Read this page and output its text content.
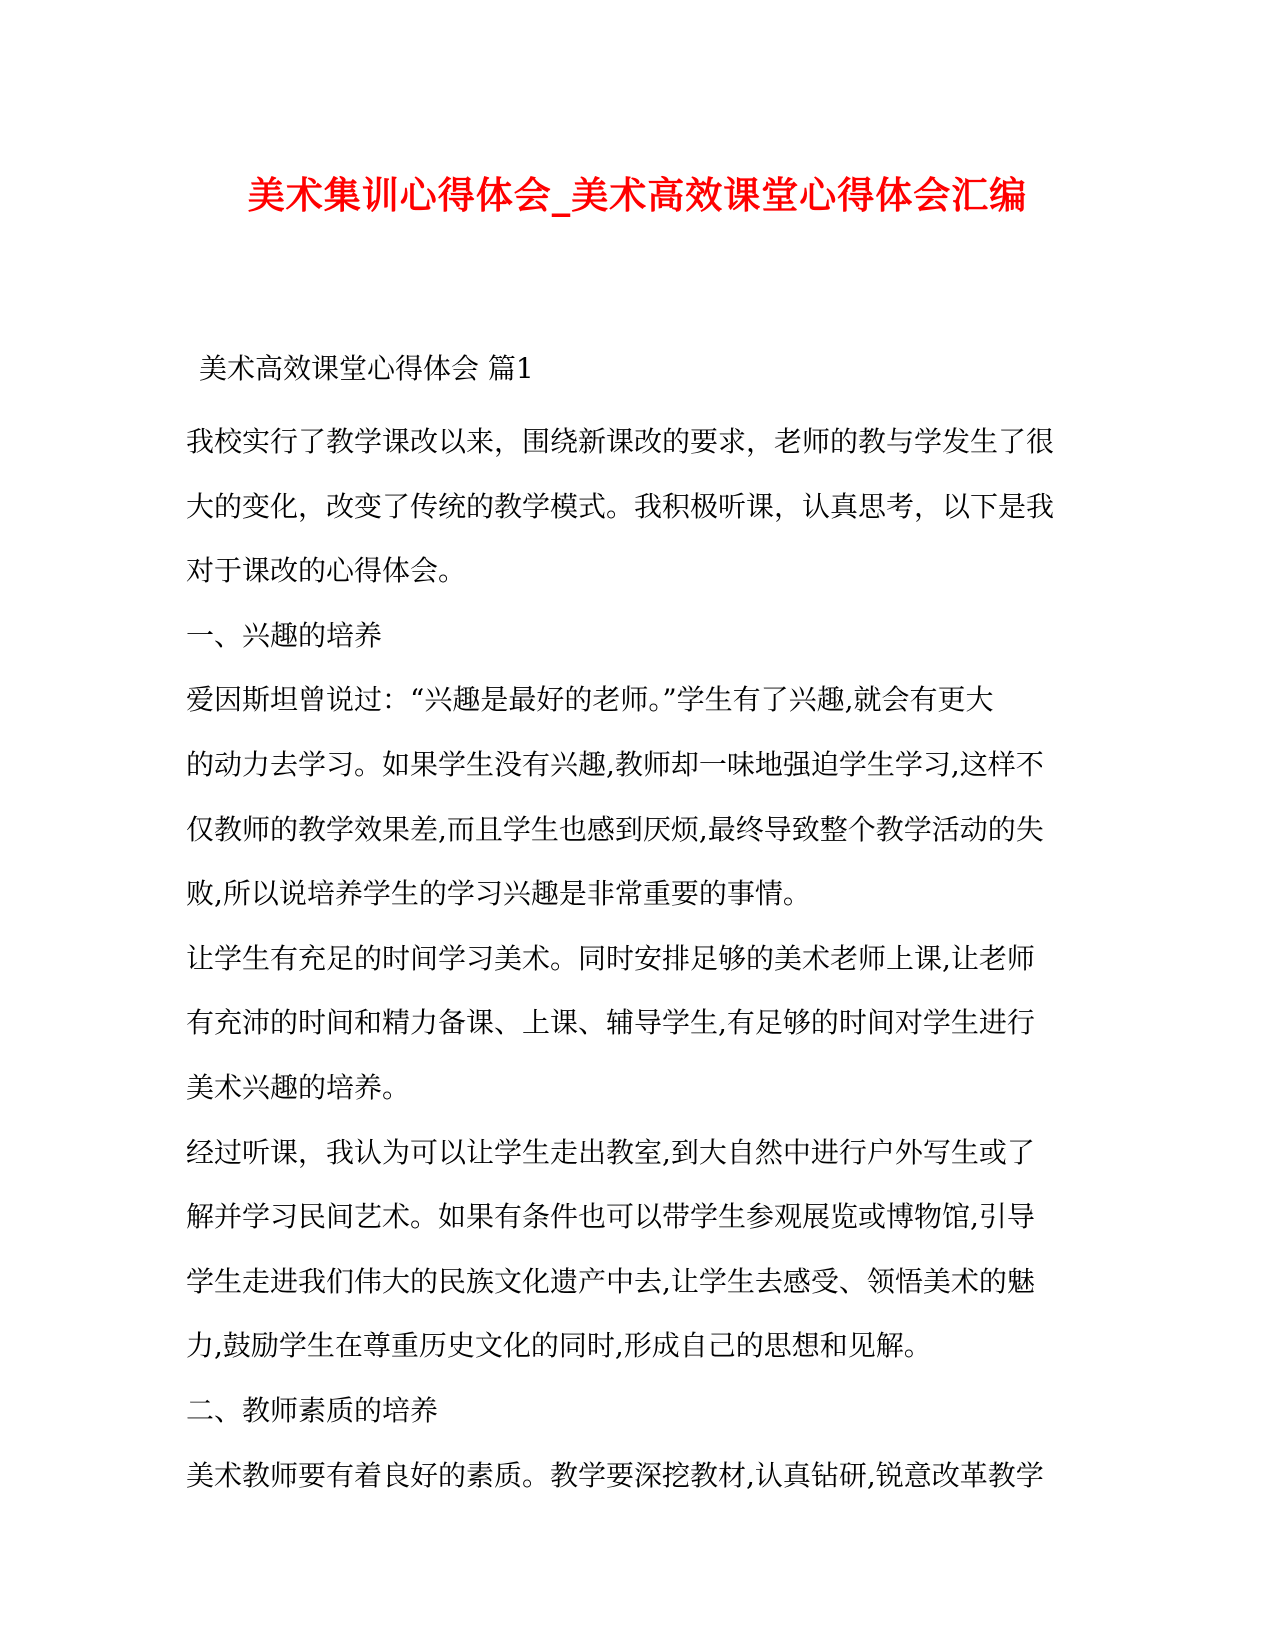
美术集训心得体会_美术高效课堂心得体会汇编
美术高效课堂心得体会 篇1
我校实行了教学课改以来，围绕新课改的要求，老师的教与学发生了很
大的变化，改变了传统的教学模式。我积极听课，认真思考，以下是我
对于课改的心得体会。
一、兴趣的培养
爱因斯坦曾说过：“兴趣是最好的老师。”学生有了兴趣,就会有更大
的动力去学习。如果学生没有兴趣,教师却一味地强迫学生学习,这样不
仅教师的教学效果差,而且学生也感到厌烦,最终导致整个教学活动的失
败,所以说培养学生的学习兴趣是非常重要的事情。
让学生有充足的时间学习美术。同时安排足够的美术老师上课,让老师
有充沛的时间和精力备课、上课、辅导学生,有足够的时间对学生进行
美术兴趣的培养。
经过听课，我认为可以让学生走出教室,到大自然中进行户外写生或了
解并学习民间艺术。如果有条件也可以带学生参观展览或博物馆,引导
学生走进我们伟大的民族文化遗产中去,让学生去感受、领悟美术的魅
力,鼓励学生在尊重历史文化的同时,形成自己的思想和见解。
二、教师素质的培养
美术教师要有着良好的素质。教学要深挖教材,认真钻研,锐意改革教学
